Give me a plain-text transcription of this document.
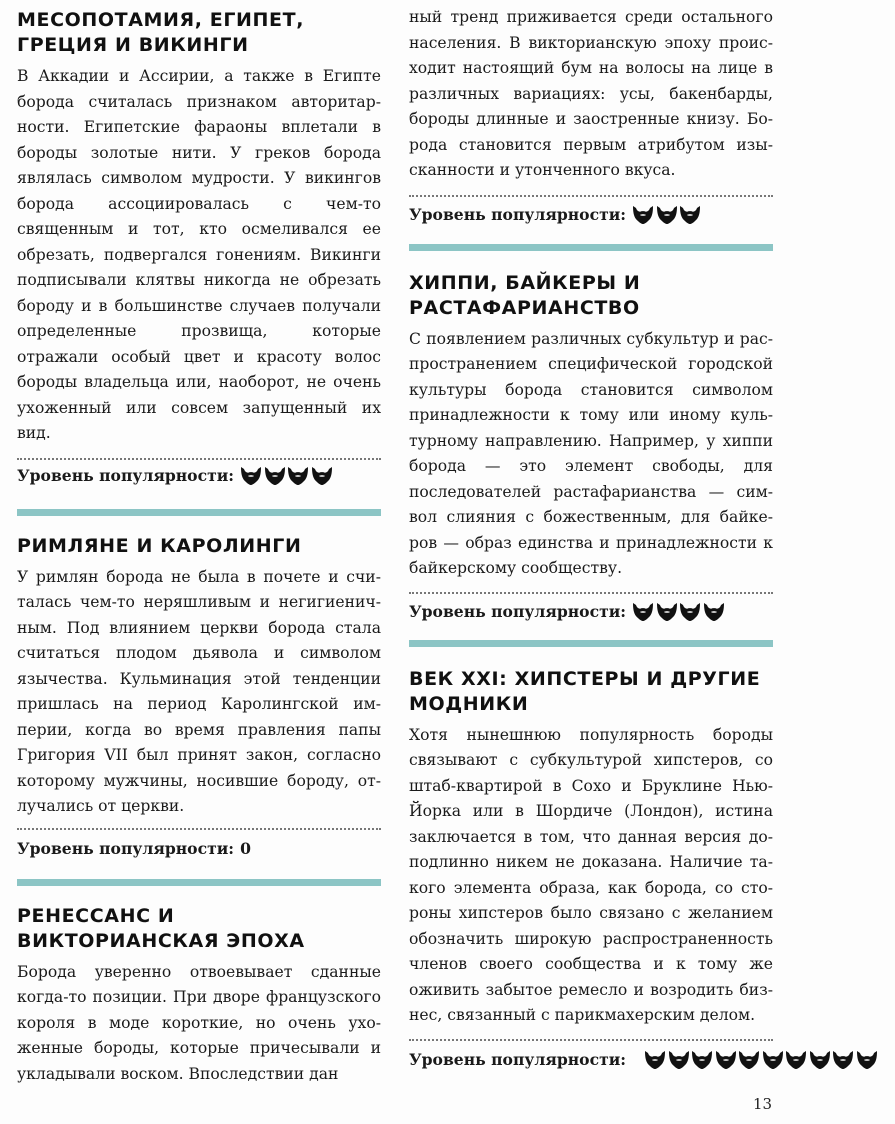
МЕСОПОТАМИЯ, ЕГИПЕТ, ГРЕЦИЯ И ВИКИНГИ

В Аккадии и Ассирии, а также в Египте борода считалась признаком авторитарности. Египетские фараоны вплетали в бороды золотые нити. У греков борода являлась символом мудрости. У викингов борода ассоциировалась с чем-то священным и тот, кто осмеливался ее обрезать, подвергался гонениям. Викинги подписывали клятвы никогда не обрезать бороду и в большинстве случаев получали определенные прозвища, которые отражали особый цвет и красоту волос бороды владельца или, наоборот, не очень ухоженный или совсем запущенный их вид.

Уровень популярности:
РИМЛЯНЕ И КАРОЛИНГИ

У римлян борода не была в почете и считалась чем-то неряшливым и негигиеничным. Под влиянием церкви борода стала считаться плодом дьявола и символом язычества. Кульминация этой тенденции пришлась на период Каролингской империи, когда во время правления папы Григория VII был принят закон, согласно которому мужчины, носившие бороду, отлучались от церкви.

Уровень популярности: 0
РЕНЕССАНС И ВИКТОРИАНСКАЯ ЭПОХА

Борода уверенно отвоевывает сданные когда-то позиции. При дворе французского короля в моде короткие, но очень ухоженные бороды, которые причесывали и укладывали воском. Впоследствии дан

ный тренд приживается среди остального населения. В викторианскую эпоху происходит настоящий бум на волосы на лице в различных вариациях: усы, бакенбарды, бороды длинные и заостренные книзу. Борода становится первым атрибутом изысканности и утонченного вкуса.

Уровень популярности:
ХИППИ, БАЙКЕРЫ И РАСТАФАРИАНСТВО

С появлением различных субкультур и распространением специфической городской культуры борода становится символом принадлежности к тому или иному культурному направлению. Например, у хиппи борода — это элемент свободы, для последователей растафарианства — символ слияния с божественным, для байкеров — образ единства и принадлежности к байкерскому сообществу.

Уровень популярности:
ВЕК XXI: ХИПСТЕРЫ И ДРУГИЕ МОДНИКИ

Хотя нынешнюю популярность бороды связывают с субкультурой хипстеров, со штаб-квартирой в Сохо и Бруклине Нью-Йорка или в Шордиче (Лондон), истина заключается в том, что данная версия доподлинно никем не доказана. Наличие такого элемента образа, как борода, со стороны хипстеров было связано с желанием обозначить широкую распространенность членов своего сообщества и к тому же оживить забытое ремесло и возродить бизнес, связанный с парикмахерским делом.

Уровень популярности:
13
